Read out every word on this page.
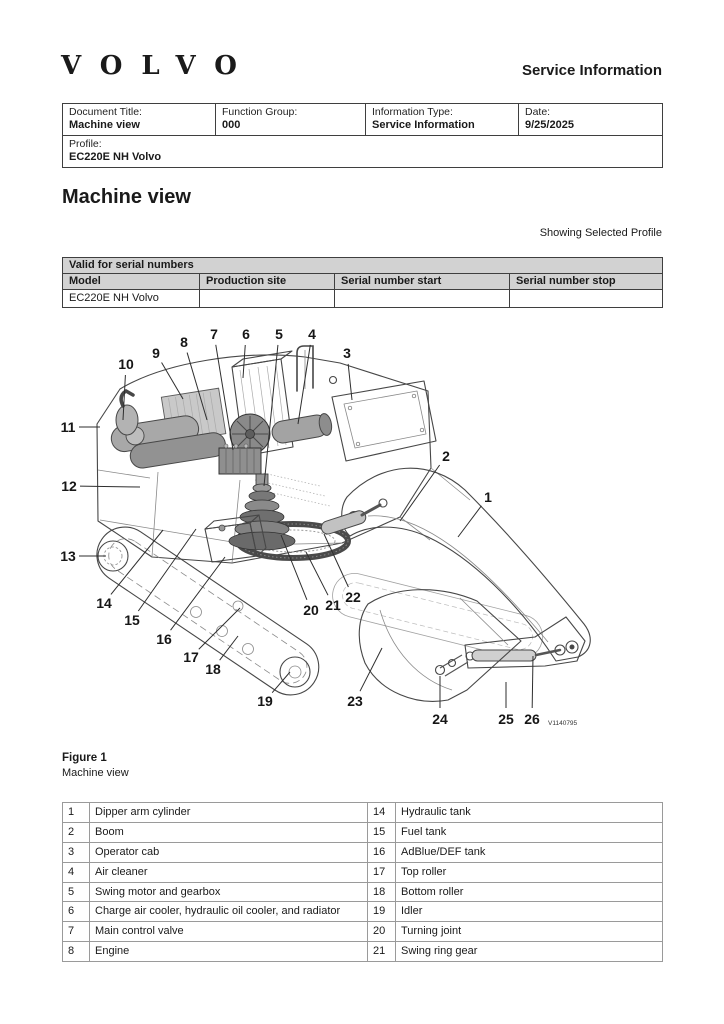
VOLVO	Service Information
Document Title:
Machine view

Function Group:
000

Information Type:
Service Information

Date:
9/25/2025

Profile:
EC220E NH Volvo
Machine view
Showing Selected Profile
Valid for serial numbers			
Model	Production site	Serial number start	Serial number stop
EC220E NH Volvo			
1
2
3
4
5
6
7
8
9
10
11
12
13
14
15
16
17
18
19
20 21 22
23
24	25 26 V1140795
Figure 1
Machine view
1	Dipper arm cylinder	14	Hydraulic tank
2	Boom	15	Fuel tank
3	Operator cab	16	AdBlue/DEF tank
4	Air cleaner	17	Top roller
5	Swing motor and gearbox	18	Bottom roller
6	Charge air cooler, hydraulic oil cooler, and radiator	19	Idler
7	Main control valve	20	Turning joint
8	Engine	21	Swing ring gear
